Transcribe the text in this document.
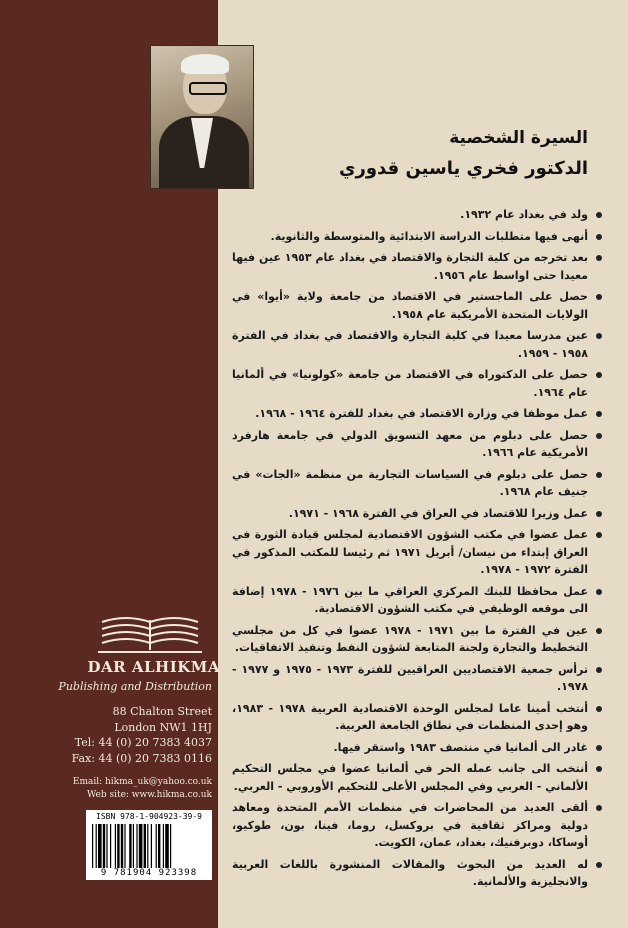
السيرة الشخصية
الدكتور فخري ياسين قدوري
ولد في بغداد عام ١٩٣٢.
أنهى فيها متطلبات الدراسة الابتدائية والمتوسطة والثانوية.
بعد تخرجه من كلية التجارة والاقتصاد في بغداد عام ١٩٥٣ عين فيها معيدا حتى اواسط عام ١٩٥٦.
حصل على الماجستير في الاقتصاد من جامعة ولاية «أيوا» في الولايات المتحدة الأمريكية عام ١٩٥٨.
عين مدرسا معيدا في كلية التجارة والاقتصاد في بغداد في الفترة ١٩٥٨ - ١٩٥٩.
حصل على الدكتوراه في الاقتصاد من جامعة «كولونيا» في ألمانيا عام ١٩٦٤.
عمل موظفا في وزارة الاقتصاد في بغداد للفترة ١٩٦٤ - ١٩٦٨.
حصل على دبلوم من معهد التسويق الدولي في جامعة هارفرد الأمريكية عام ١٩٦٦.
حصل على دبلوم في السياسات التجارية من منظمة «الجات» في جنيف عام ١٩٦٨.
عمل وزيرا للاقتصاد في العراق في الفترة ١٩٦٨ - ١٩٧١.
عمل عضوا في مكتب الشؤون الاقتصادية لمجلس قيادة الثورة في العراق إبتداء من نيسان/ أبريل ١٩٧١ ثم رئيسا للمكتب المذكور في الفترة ١٩٧٢ - ١٩٧٨.
عمل محافظا للبنك المركزي العراقي ما بين ١٩٧٦ - ١٩٧٨ إضافة الى موقعه الوظيفي في مكتب الشؤون الاقتصادية.
عين في الفترة ما بين ١٩٧١ - ١٩٧٨ عضوا في كل من مجلسي التخطيط والتجارة ولجنة المتابعة لشؤون النفط وتنفيذ الاتفاقيات.
ترأس جمعية الاقتصاديين العراقيين للفترة ١٩٧٣ - ١٩٧٥ و ١٩٧٧ - ١٩٧٨.
أنتخب أمينا عاما لمجلس الوحدة الاقتصادية العربية ١٩٧٨ - ١٩٨٣، وهو إحدى المنظمات في نطاق الجامعة العربية.
غادر الى ألمانيا في منتصف ١٩٨٣ واستقر فيها.
أنتخب الى جانب عمله الحر في ألمانيا عضوا في مجلس التحكيم الألماني - العربي وفي المجلس الأعلى للتحكيم الأوروبي - العربي.
ألقى العديد من المحاضرات في منظمات الأمم المتحدة ومعاهد دولية ومراكز ثقافية في بروكسل، روما، فينا، بون، طوكيو، أوساكا، دوبرفنيك، بغداد، عمان، الكويت.
له العديد من البحوث والمقالات المنشورة باللغات العربية والانجليزية والألمانية.
DAR ALHIKMA
Publishing and Distribution
88 Chalton Street
London NW1 1HJ
Tel: 44 (0) 20 7383 4037
Fax: 44 (0) 20 7383 0116
Email: hikma_uk@yahoo.co.uk
Web site: www.hikma.co.uk
ISBN 978-1-904923-39-9
9 781904 923398
